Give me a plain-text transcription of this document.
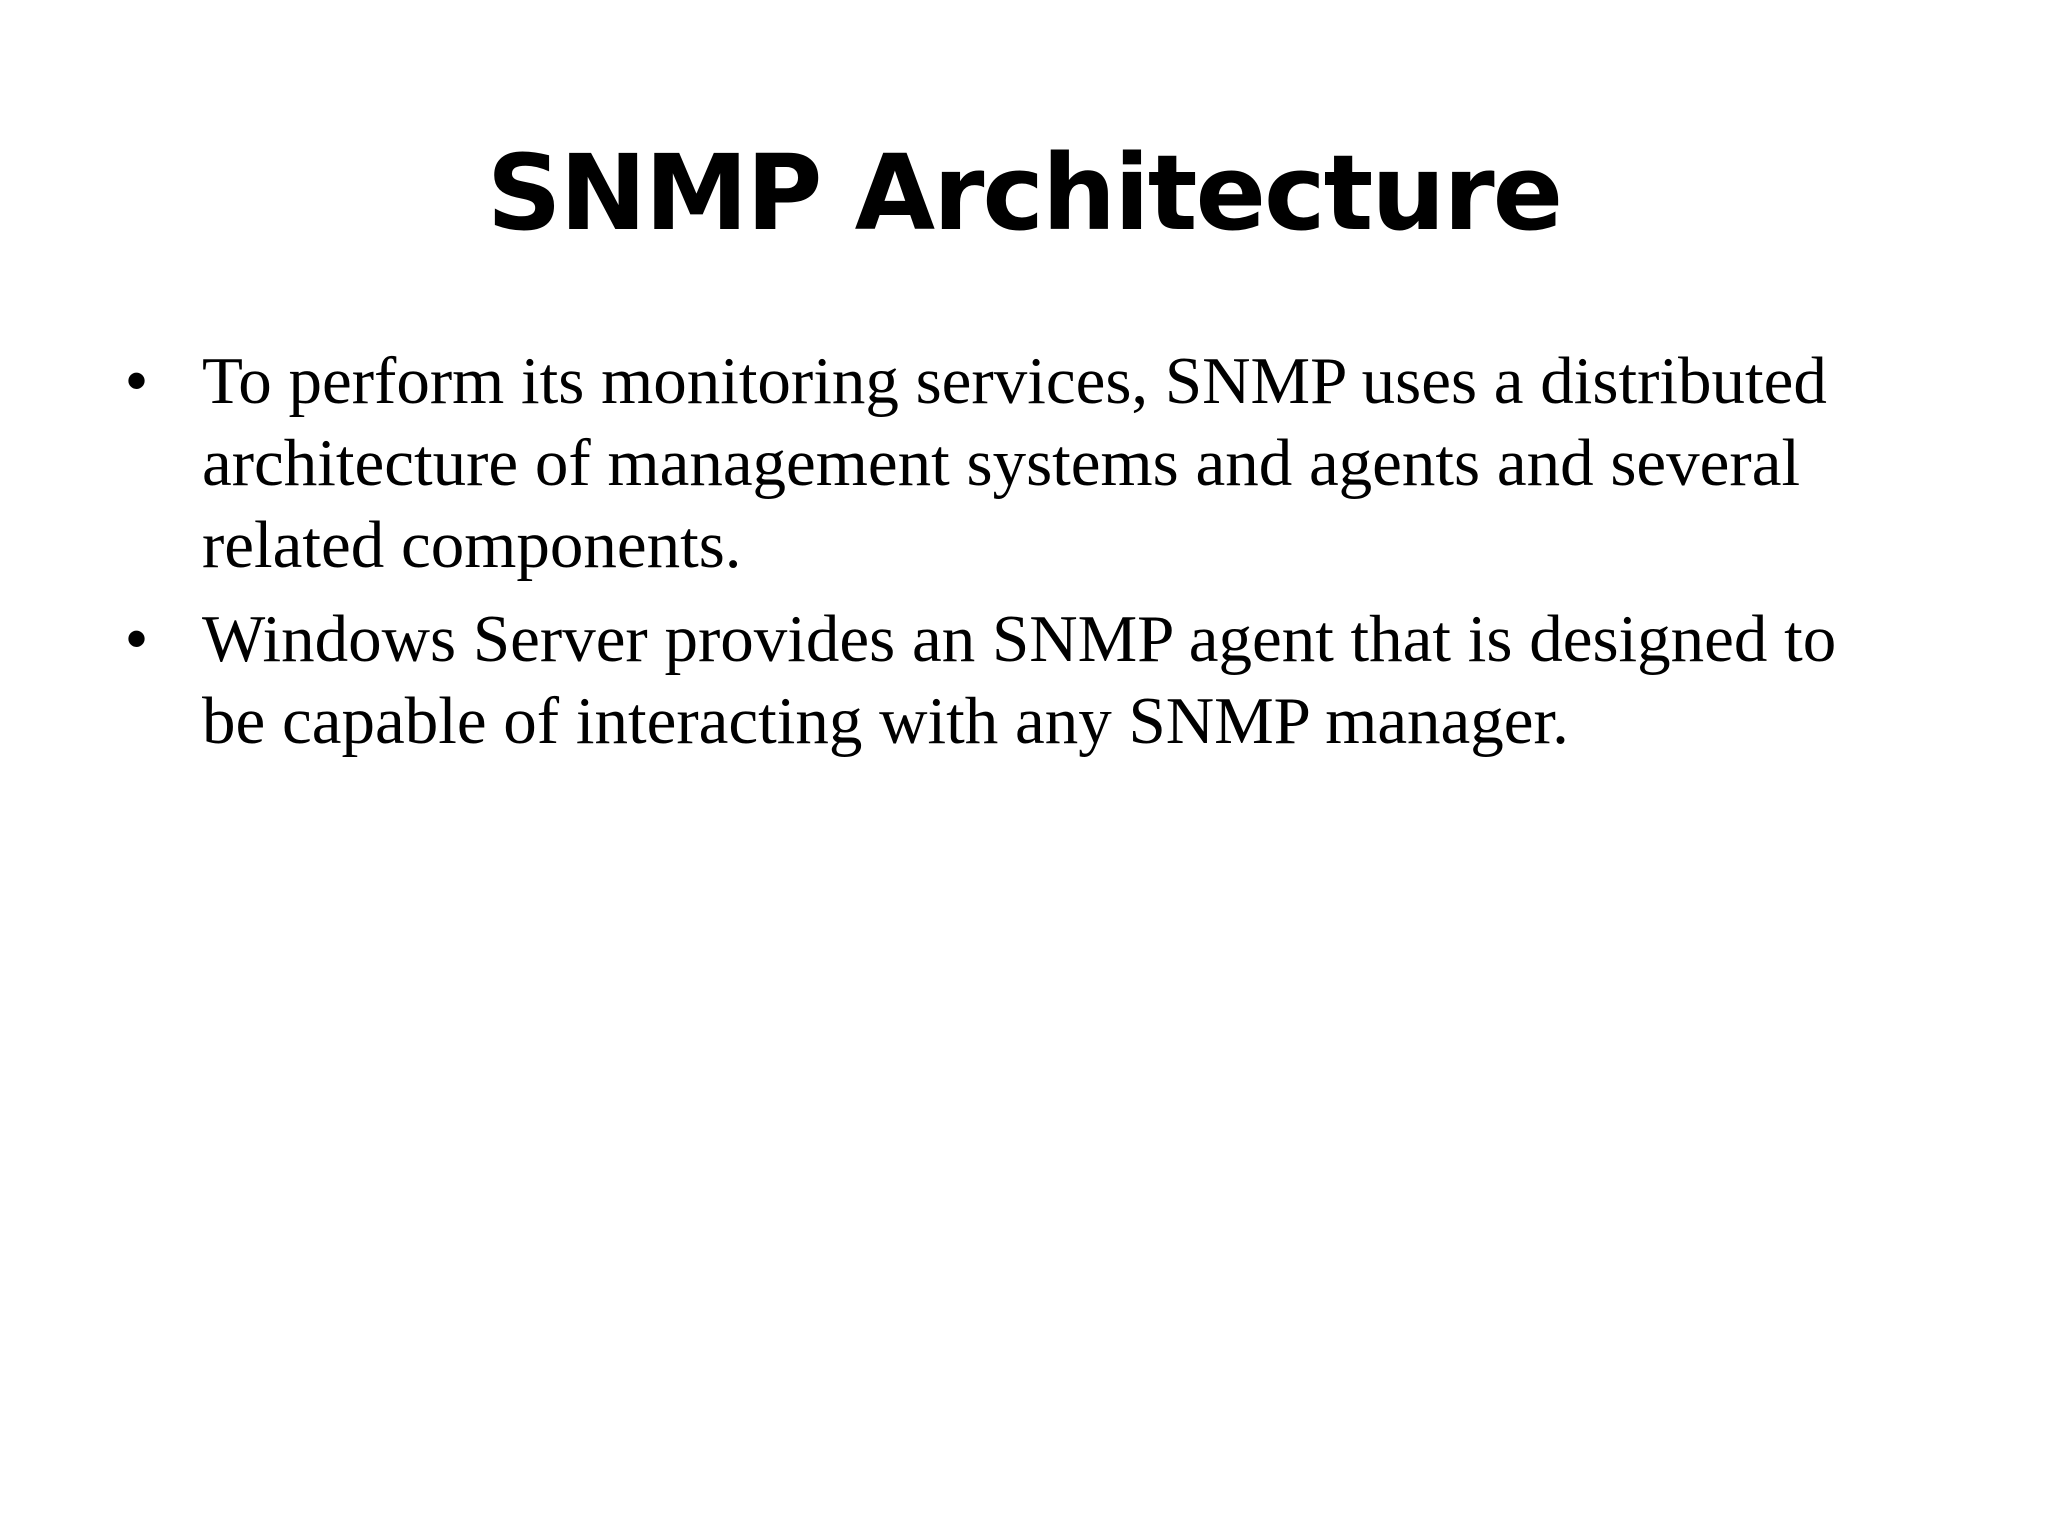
SNMP Architecture
• To perform its monitoring services, SNMP uses a distributed architecture of management systems and agents and several related components.
• Windows Server provides an SNMP agent that is designed to be capable of interacting with any SNMP manager.
